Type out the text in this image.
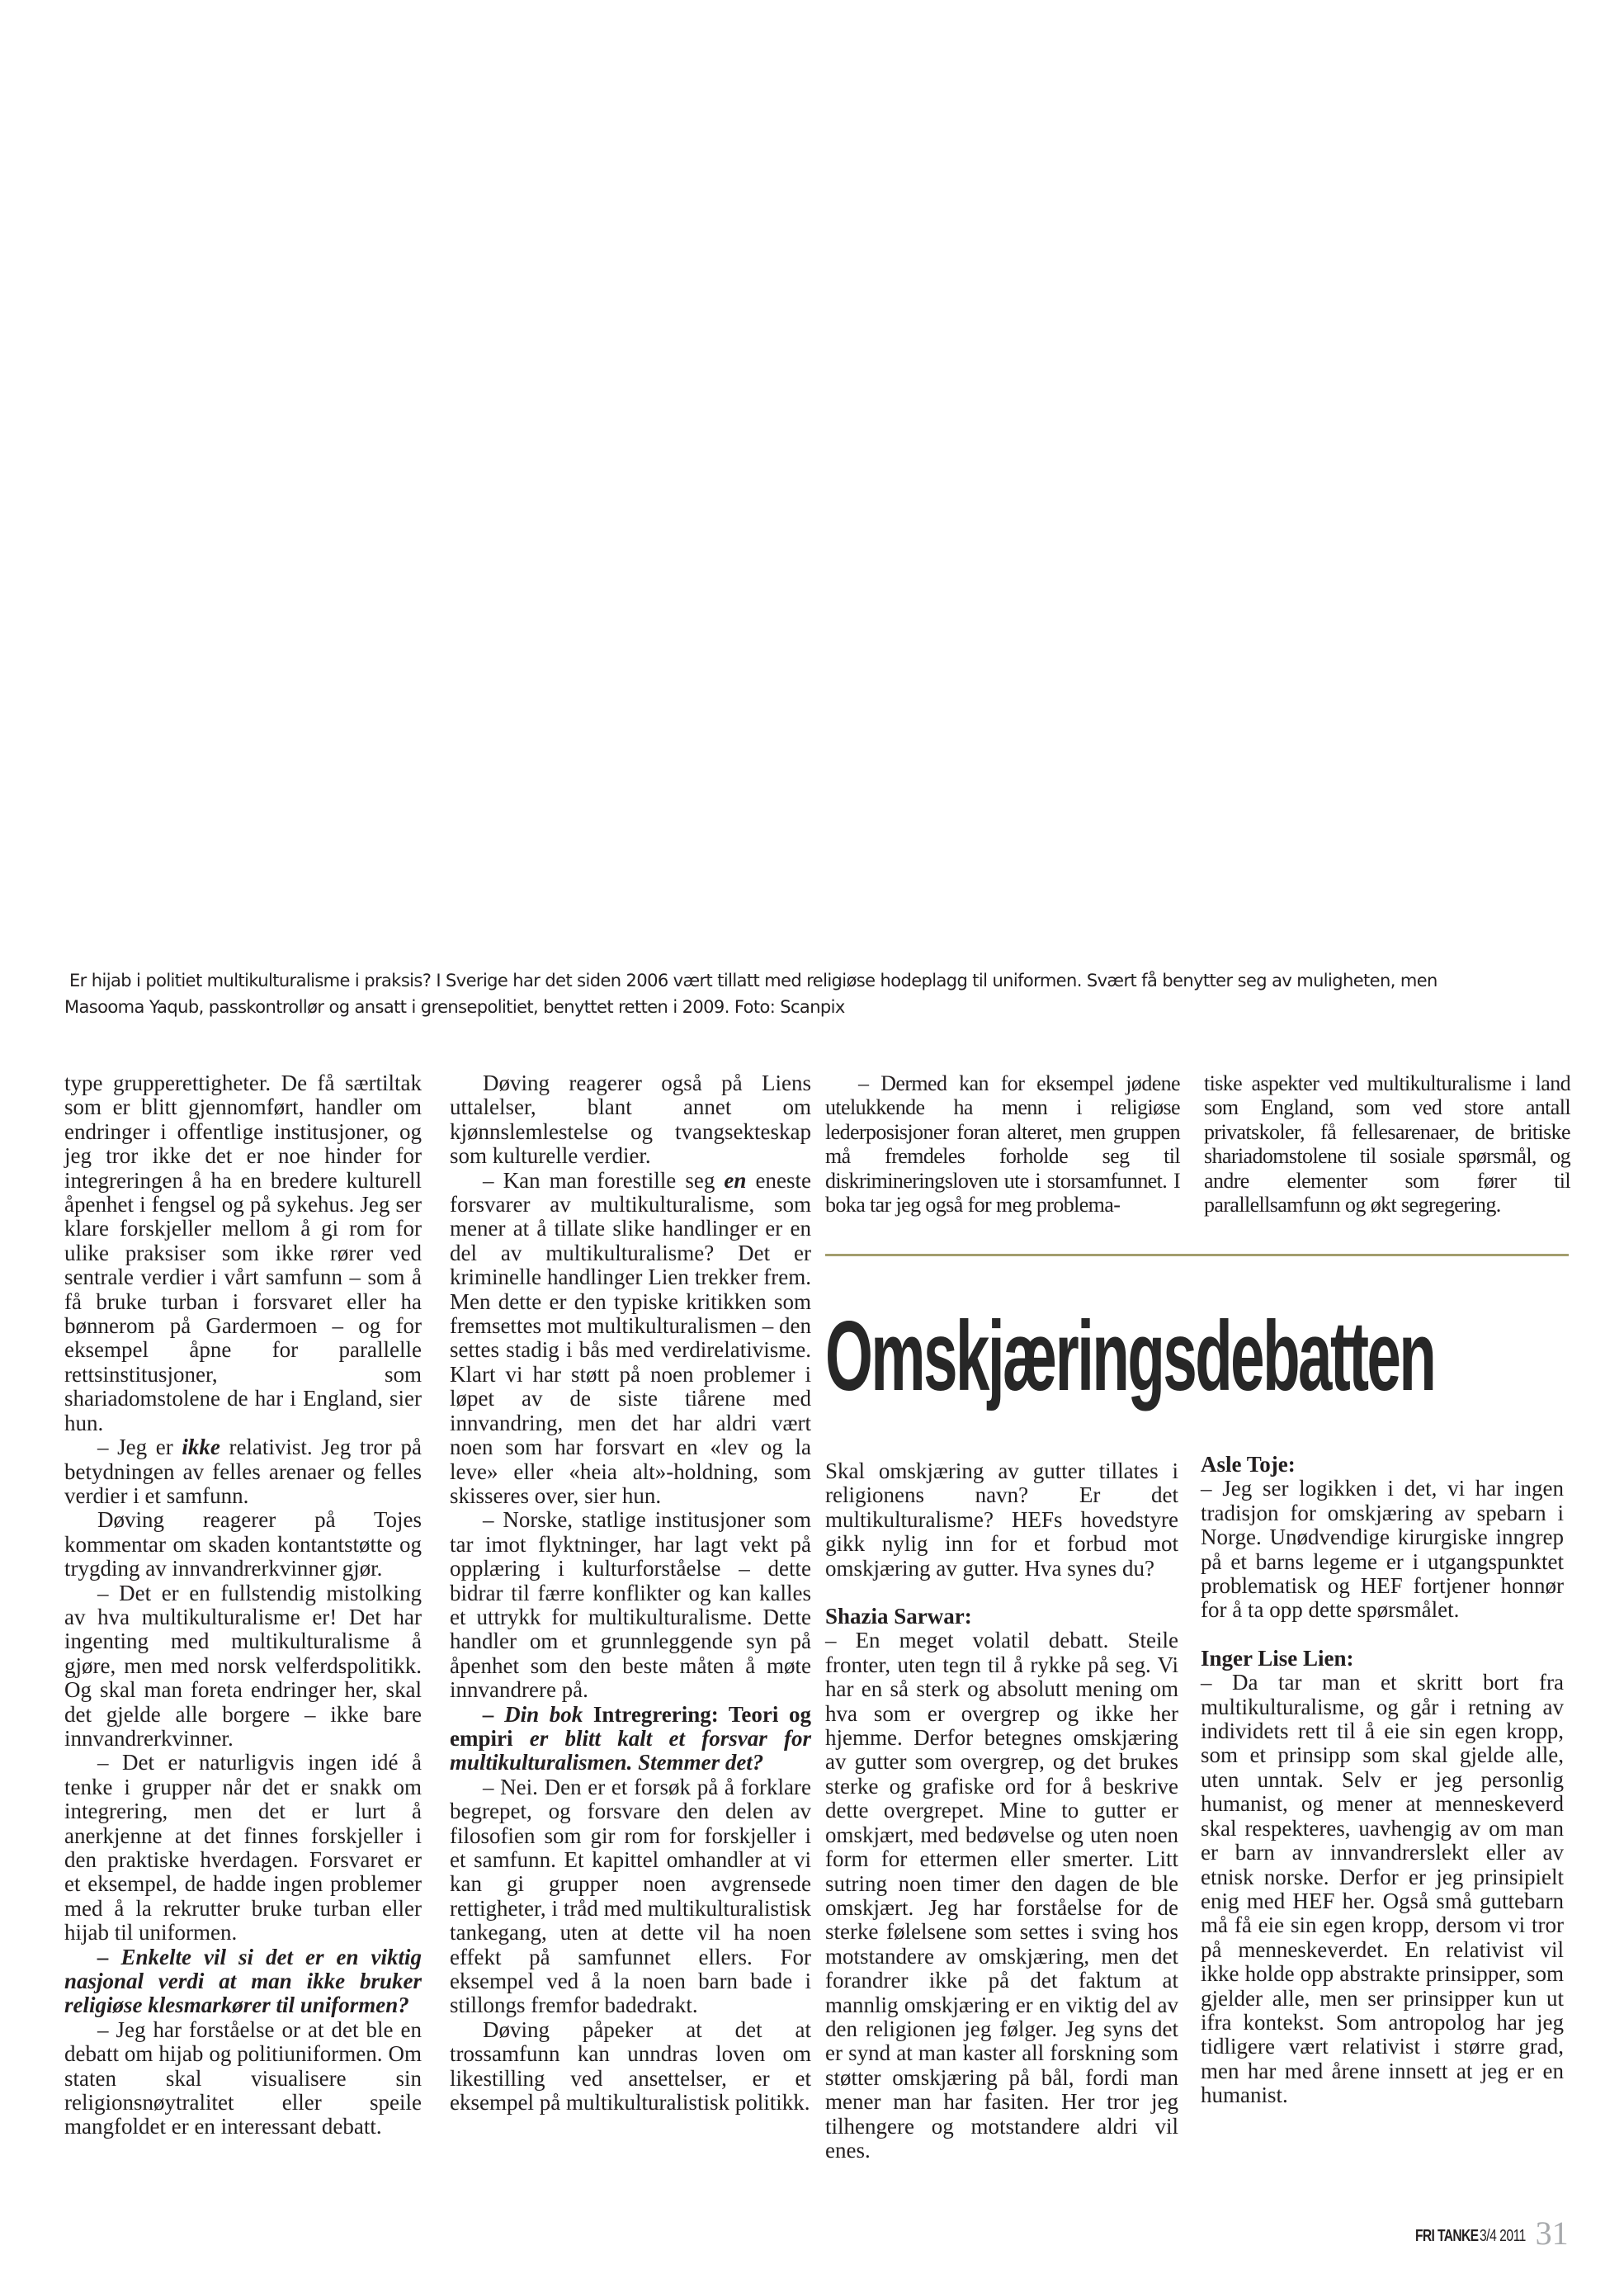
Er hijab i politiet multikulturalisme i praksis? I Sverige har det siden 2006 vært tillatt med religiøse hodeplagg til uniformen. Svært få benytter seg av muligheten, men
Masooma Yaqub, passkontrollør og ansatt i grensepolitiet, benyttet retten i 2009. Foto: Scanpix

type grupperettigheter. De få særtiltak som er blitt gjennomført, handler om endringer i offentlige institusjoner, og jeg tror ikke det er noe hinder for integreringen å ha en bredere kulturell åpenhet i fengsel og på sykehus. Jeg ser klare forskjeller mellom å gi rom for ulike praksiser som ikke rører ved sentrale verdier i vårt samfunn – som å få bruke turban i forsvaret eller ha bønnerom på Gardermoen – og for eksempel åpne for parallelle rettsinstitusjoner, som shariadomstolene de har i England, sier hun.

– Jeg er ikke relativist. Jeg tror på betydningen av felles arenaer og felles verdier i et samfunn.

Døving reagerer på Tojes kommentar om skaden kontantstøtte og trygding av innvandrerkvinner gjør.

– Det er en fullstendig mistolking av hva multikulturalisme er! Det har ingenting med multikulturalisme å gjøre, men med norsk velferdspolitikk. Og skal man foreta endringer her, skal det gjelde alle borgere – ikke bare innvandrerkvinner.

– Det er naturligvis ingen idé å tenke i grupper når det er snakk om integrering, men det er lurt å anerkjenne at det finnes forskjeller i den praktiske hverdagen. Forsvaret er et eksempel, de hadde ingen problemer med å la rekrutter bruke turban eller hijab til uniformen.

– Enkelte vil si det er en viktig nasjonal verdi at man ikke bruker religiøse klesmarkører til uniformen?

– Jeg har forståelse or at det ble en debatt om hijab og politiuniformen. Om staten skal visualisere sin religionsnøytralitet eller speile mangfoldet er en interessant debatt.

Døving reagerer også på Liens uttalelser, blant annet om kjønnslemlestelse og tvangsekteskap som kulturelle verdier.

– Kan man forestille seg en enestе forsvarer av multikulturalisme, som mener at å tillate slike handlinger er en del av multikulturalisme? Det er kriminelle handlinger Lien trekker frem. Men dette er den typiske kritikken som fremsettes mot multikulturalismen – den settes stadig i bås med verdirelativisme. Klart vi har støtt på noen problemer i løpet av de siste tiårene med innvandring, men det har aldri vært noen som har forsvart en «lev og la leve» eller «heia alt»-holdning, som skisseres over, sier hun.

– Norske, statlige institusjoner som tar imot flyktninger, har lagt vekt på opplæring i kulturforståelse – dette bidrar til færre konflikter og kan kalles et uttrykk for multikulturalisme. Dette handler om et grunnleggende syn på åpenhet som den beste måten å møte innvandrere på.

– Din bok Intregrering: Teori og empiri er blitt kalt et forsvar for multikulturalismen. Stemmer det?

– Nei. Den er et forsøk på å forklare begrepet, og forsvare den delen av filosofien som gir rom for forskjeller i et samfunn. Et kapittel omhandler at vi kan gi grupper noen avgrensede rettigheter, i tråd med multikulturalistisk tankegang, uten at dette vil ha noen effekt på samfunnet ellers. For eksempel ved å la noen barn bade i stillongs fremfor badedrakt.

Døving påpeker at det at trossamfunn kan unndras loven om likestilling ved ansettelser, er et eksempel på multikulturalistisk politikk.

– Dermed kan for eksempel jødene utelukkende ha menn i religiøse lederposisjoner foran alteret, men gruppen må fremdeles forholde seg til diskrimineringsloven ute i storsamfunnet. I boka tar jeg også for meg problema-

tiske aspekter ved multikulturalisme i land som England, som ved store antall privatskoler, få fellesarenaer, de britiske shariadomstolene til sosiale spørsmål, og andre elementer som fører til parallellsamfunn og økt segregering.

Omskjæringsdebatten

Skal omskjæring av gutter tillates i religionens navn? Er det multikulturalisme? HEFs hovedstyre gikk nylig inn for et forbud mot omskjæring av gutter. Hva synes du?

Shazia Sarwar:

– En meget volatil debatt. Steile fronter, uten tegn til å rykke på seg. Vi har en så sterk og absolutt mening om hva som er overgrep og ikke her hjemme. Derfor betegnes omskjæring av gutter som overgrep, og det brukes sterke og grafiske ord for å beskrive dette overgrepet. Mine to gutter er omskjært, med bedøvelse og uten noen form for ettermen eller smerter. Litt sutring noen timer den dagen de ble omskjært. Jeg har forståelse for de sterke følelsene som settes i sving hos motstandere av omskjæring, men det forandrer ikke på det faktum at mannlig omskjæring er en viktig del av den religionen jeg følger. Jeg syns det er synd at man kaster all forskning som støtter omskjæring på bål, fordi man mener man har fasiten. Her tror jeg tilhengere og motstandere aldri vil enes.

Asle Toje:

– Jeg ser logikken i det, vi har ingen tradisjon for omskjæring av spebarn i Norge. Unødvendige kirurgiske inngrep på et barns legeme er i utgangspunktet problematisk og HEF fortjener honnør for å ta opp dette spørsmålet.

Inger Lise Lien:

– Da tar man et skritt bort fra multikulturalisme, og går i retning av individets rett til å eie sin egen kropp, som et prinsipp som skal gjelde alle, uten unntak. Selv er jeg personlig humanist, og mener at menneskeverd skal respekteres, uavhengig av om man er barn av innvandrerslekt eller av etnisk norske. Derfor er jeg prinsipielt enig med HEF her. Også små guttebarn må få eie sin egen kropp, dersom vi tror på menneskeverdet. En relativist vil ikke holde opp abstrakte prinsipper, som gjelder alle, men ser prinsipper kun ut ifra kontekst. Som antropolog har jeg tidligere vært relativist i større grad, men har med årene innsett at jeg er en humanist.

FRI TANKE 3/4 2011 31
